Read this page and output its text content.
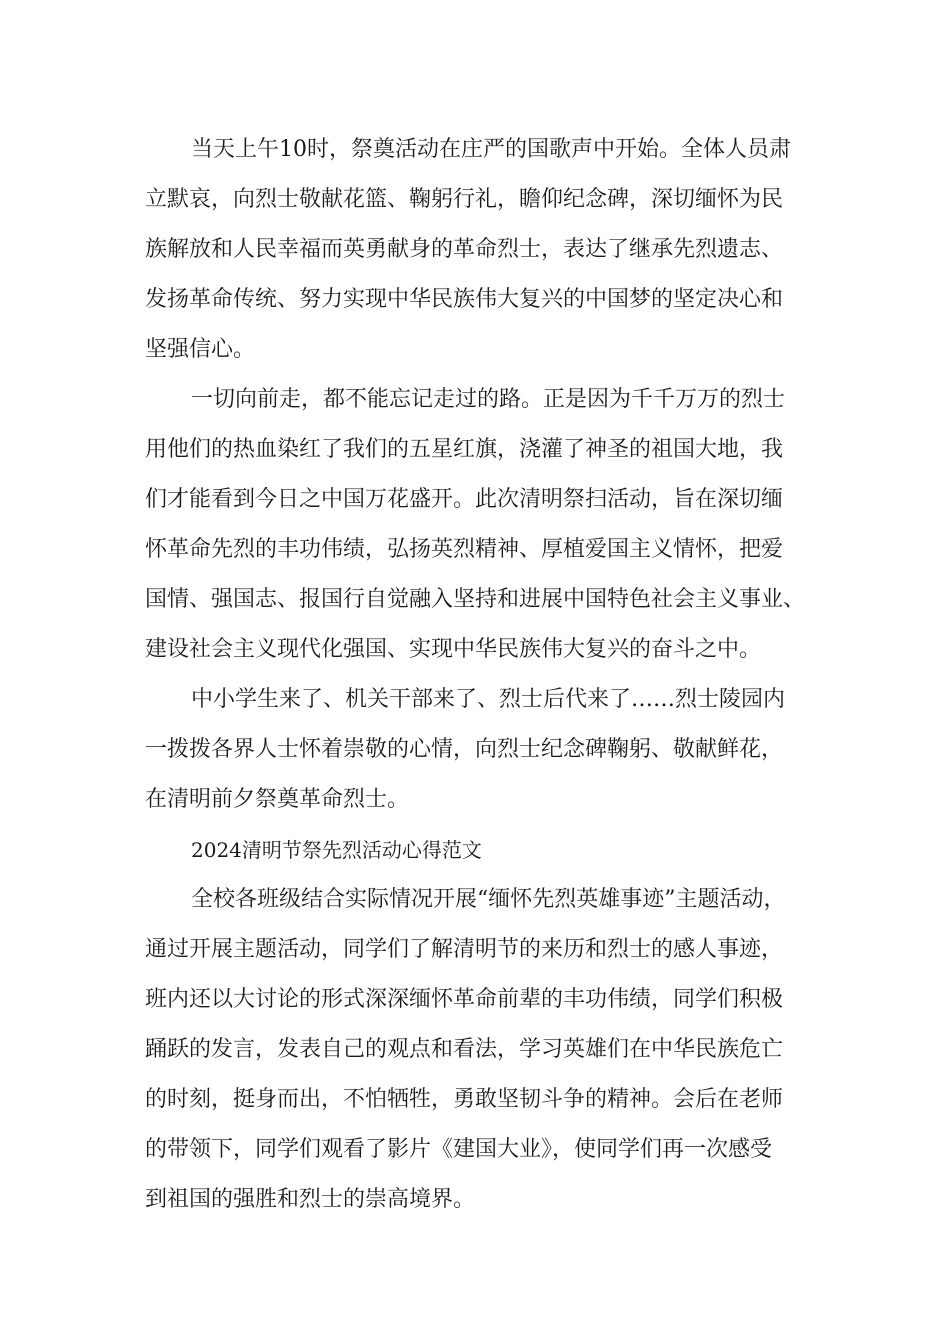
当天上午10时，祭奠活动在庄严的国歌声中开始。全体人员肃
立默哀，向烈士敬献花篮、鞠躬行礼，瞻仰纪念碑，深切缅怀为民
族解放和人民幸福而英勇献身的革命烈士，表达了继承先烈遗志、
发扬革命传统、努力实现中华民族伟大复兴的中国梦的坚定决心和
坚强信心。
一切向前走，都不能忘记走过的路。正是因为千千万万的烈士
用他们的热血染红了我们的五星红旗，浇灌了神圣的祖国大地，我
们才能看到今日之中国万花盛开。此次清明祭扫活动，旨在深切缅
怀革命先烈的丰功伟绩，弘扬英烈精神、厚植爱国主义情怀，把爱
国情、强国志、报国行自觉融入坚持和进展中国特色社会主义事业、
建设社会主义现代化强国、实现中华民族伟大复兴的奋斗之中。
中小学生来了、机关干部来了、烈士后代来了……烈士陵园内
一拨拨各界人士怀着崇敬的心情，向烈士纪念碑鞠躬、敬献鲜花，
在清明前夕祭奠革命烈士。
2024清明节祭先烈活动心得范文
全校各班级结合实际情况开展“缅怀先烈英雄事迹”主题活动，
通过开展主题活动，同学们了解清明节的来历和烈士的感人事迹，
班内还以大讨论的形式深深缅怀革命前辈的丰功伟绩，同学们积极
踊跃的发言，发表自己的观点和看法，学习英雄们在中华民族危亡
的时刻，挺身而出，不怕牺牲，勇敢坚韧斗争的精神。会后在老师
的带领下，同学们观看了影片《建国大业》，使同学们再一次感受
到祖国的强胜和烈士的崇高境界。
